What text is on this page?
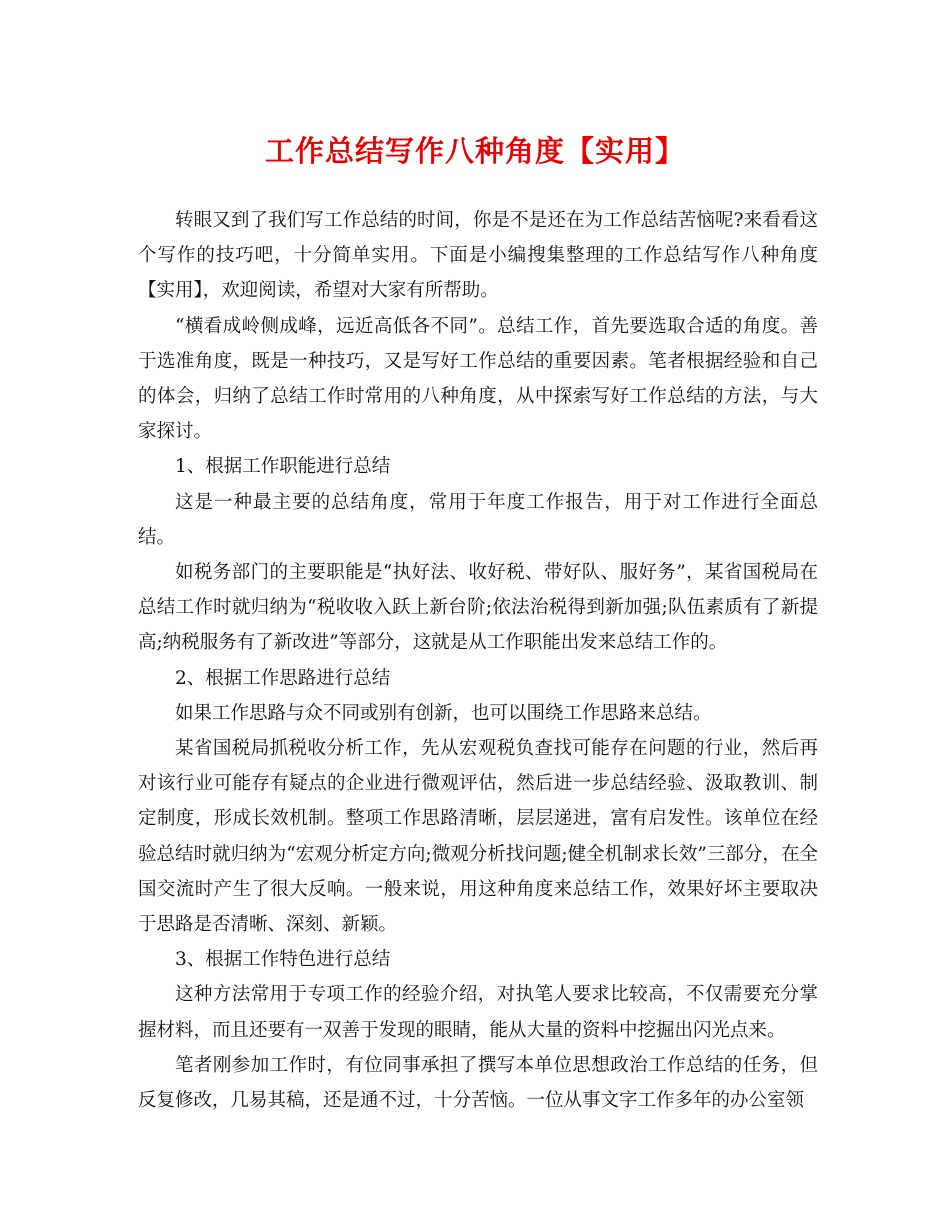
工作总结写作八种角度【实用】

转眼又到了我们写工作总结的时间，你是不是还在为工作总结苦恼呢?来看看这个写作的技巧吧，十分简单实用。下面是小编搜集整理的工作总结写作八种角度【实用】，欢迎阅读，希望对大家有所帮助。

“横看成岭侧成峰，远近高低各不同”。总结工作，首先要选取合适的角度。善于选准角度，既是一种技巧，又是写好工作总结的重要因素。笔者根据经验和自己的体会，归纳了总结工作时常用的八种角度，从中探索写好工作总结的方法，与大家探讨。

1、根据工作职能进行总结

这是一种最主要的总结角度，常用于年度工作报告，用于对工作进行全面总结。

如税务部门的主要职能是“执好法、收好税、带好队、服好务”，某省国税局在总结工作时就归纳为“税收收入跃上新台阶;依法治税得到新加强;队伍素质有了新提高;纳税服务有了新改进”等部分，这就是从工作职能出发来总结工作的。

2、根据工作思路进行总结

如果工作思路与众不同或别有创新，也可以围绕工作思路来总结。

某省国税局抓税收分析工作，先从宏观税负查找可能存在问题的行业，然后再对该行业可能存有疑点的企业进行微观评估，然后进一步总结经验、汲取教训、制定制度，形成长效机制。整项工作思路清晰，层层递进，富有启发性。该单位在经验总结时就归纳为“宏观分析定方向;微观分析找问题;健全机制求长效”三部分，在全国交流时产生了很大反响。一般来说，用这种角度来总结工作，效果好坏主要取决于思路是否清晰、深刻、新颖。

3、根据工作特色进行总结

这种方法常用于专项工作的经验介绍，对执笔人要求比较高，不仅需要充分掌握材料，而且还要有一双善于发现的眼睛，能从大量的资料中挖掘出闪光点来。

笔者刚参加工作时，有位同事承担了撰写本单位思想政治工作总结的任务，但反复修改，几易其稿，还是通不过，十分苦恼。一位从事文字工作多年的办公室领
